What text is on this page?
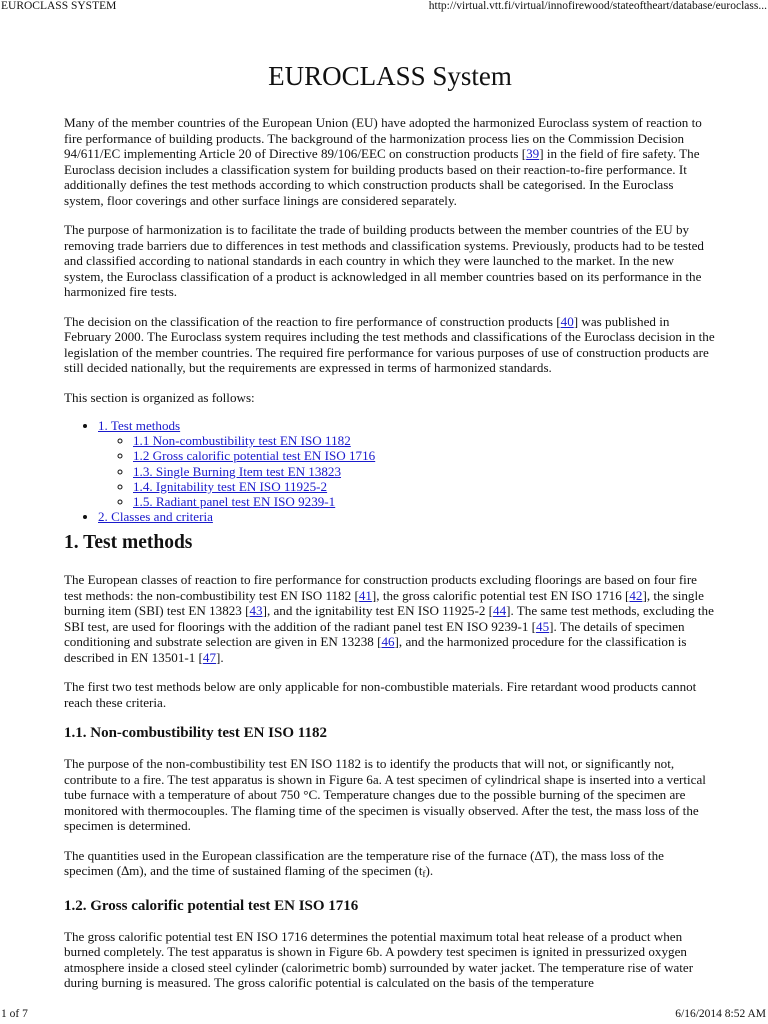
EUROCLASS SYSTEM	http://virtual.vtt.fi/virtual/innofirewood/stateoftheart/database/euroclass...
EUROCLASS System

Many of the member countries of the European Union (EU) have adopted the harmonized Euroclass system of reaction to fire performance of building products. The background of the harmonization process lies on the Commission Decision 94/611/EC implementing Article 20 of Directive 89/106/EEC on construction products [39] in the field of fire safety. The Euroclass decision includes a classification system for building products based on their reaction-to-fire performance. It additionally defines the test methods according to which construction products shall be categorised. In the Euroclass system, floor coverings and other surface linings are considered separately.

The purpose of harmonization is to facilitate the trade of building products between the member countries of the EU by removing trade barriers due to differences in test methods and classification systems. Previously, products had to be tested and classified according to national standards in each country in which they were launched to the market. In the new system, the Euroclass classification of a product is acknowledged in all member countries based on its performance in the harmonized fire tests.

The decision on the classification of the reaction to fire performance of construction products [40] was published in February 2000. The Euroclass system requires including the test methods and classifications of the Euroclass decision in the legislation of the member countries. The required fire performance for various purposes of use of construction products are still decided nationally, but the requirements are expressed in terms of harmonized standards.

This section is organized as follows:

• 1. Test methods
◦ 1.1 Non-combustibility test EN ISO 1182
◦ 1.2 Gross calorific potential test EN ISO 1716
◦ 1.3. Single Burning Item test EN 13823
◦ 1.4. Ignitability test EN ISO 11925-2
◦ 1.5. Radiant panel test EN ISO 9239-1
• 2. Classes and criteria
1. Test methods

The European classes of reaction to fire performance for construction products excluding floorings are based on four fire test methods: the non-combustibility test EN ISO 1182 [41], the gross calorific potential test EN ISO 1716 [42], the single burning item (SBI) test EN 13823 [43], and the ignitability test EN ISO 11925-2 [44]. The same test methods, excluding the SBI test, are used for floorings with the addition of the radiant panel test EN ISO 9239-1 [45]. The details of specimen conditioning and substrate selection are given in EN 13238 [46], and the harmonized procedure for the classification is described in EN 13501-1 [47].

The first two test methods below are only applicable for non-combustible materials. Fire retardant wood products cannot reach these criteria.

1.1. Non-combustibility test EN ISO 1182

The purpose of the non-combustibility test EN ISO 1182 is to identify the products that will not, or significantly not, contribute to a fire. The test apparatus is shown in Figure 6a. A test specimen of cylindrical shape is inserted into a vertical tube furnace with a temperature of about 750 °C. Temperature changes due to the possible burning of the specimen are monitored with thermocouples. The flaming time of the specimen is visually observed. After the test, the mass loss of the specimen is determined.

The quantities used in the European classification are the temperature rise of the furnace (∆T), the mass loss of the specimen (∆m), and the time of sustained flaming of the specimen $(t_f)$.

1.2. Gross calorific potential test EN ISO 1716

The gross calorific potential test EN ISO 1716 determines the potential maximum total heat release of a product when burned completely. The test apparatus is shown in Figure 6b. A powdery test specimen is ignited in pressurized oxygen atmosphere inside a closed steel cylinder (calorimetric bomb) surrounded by water jacket. The temperature rise of water during burning is measured. The gross calorific potential is calculated on the basis of the temperature

1 of 7	6/16/2014 8:52 AM
